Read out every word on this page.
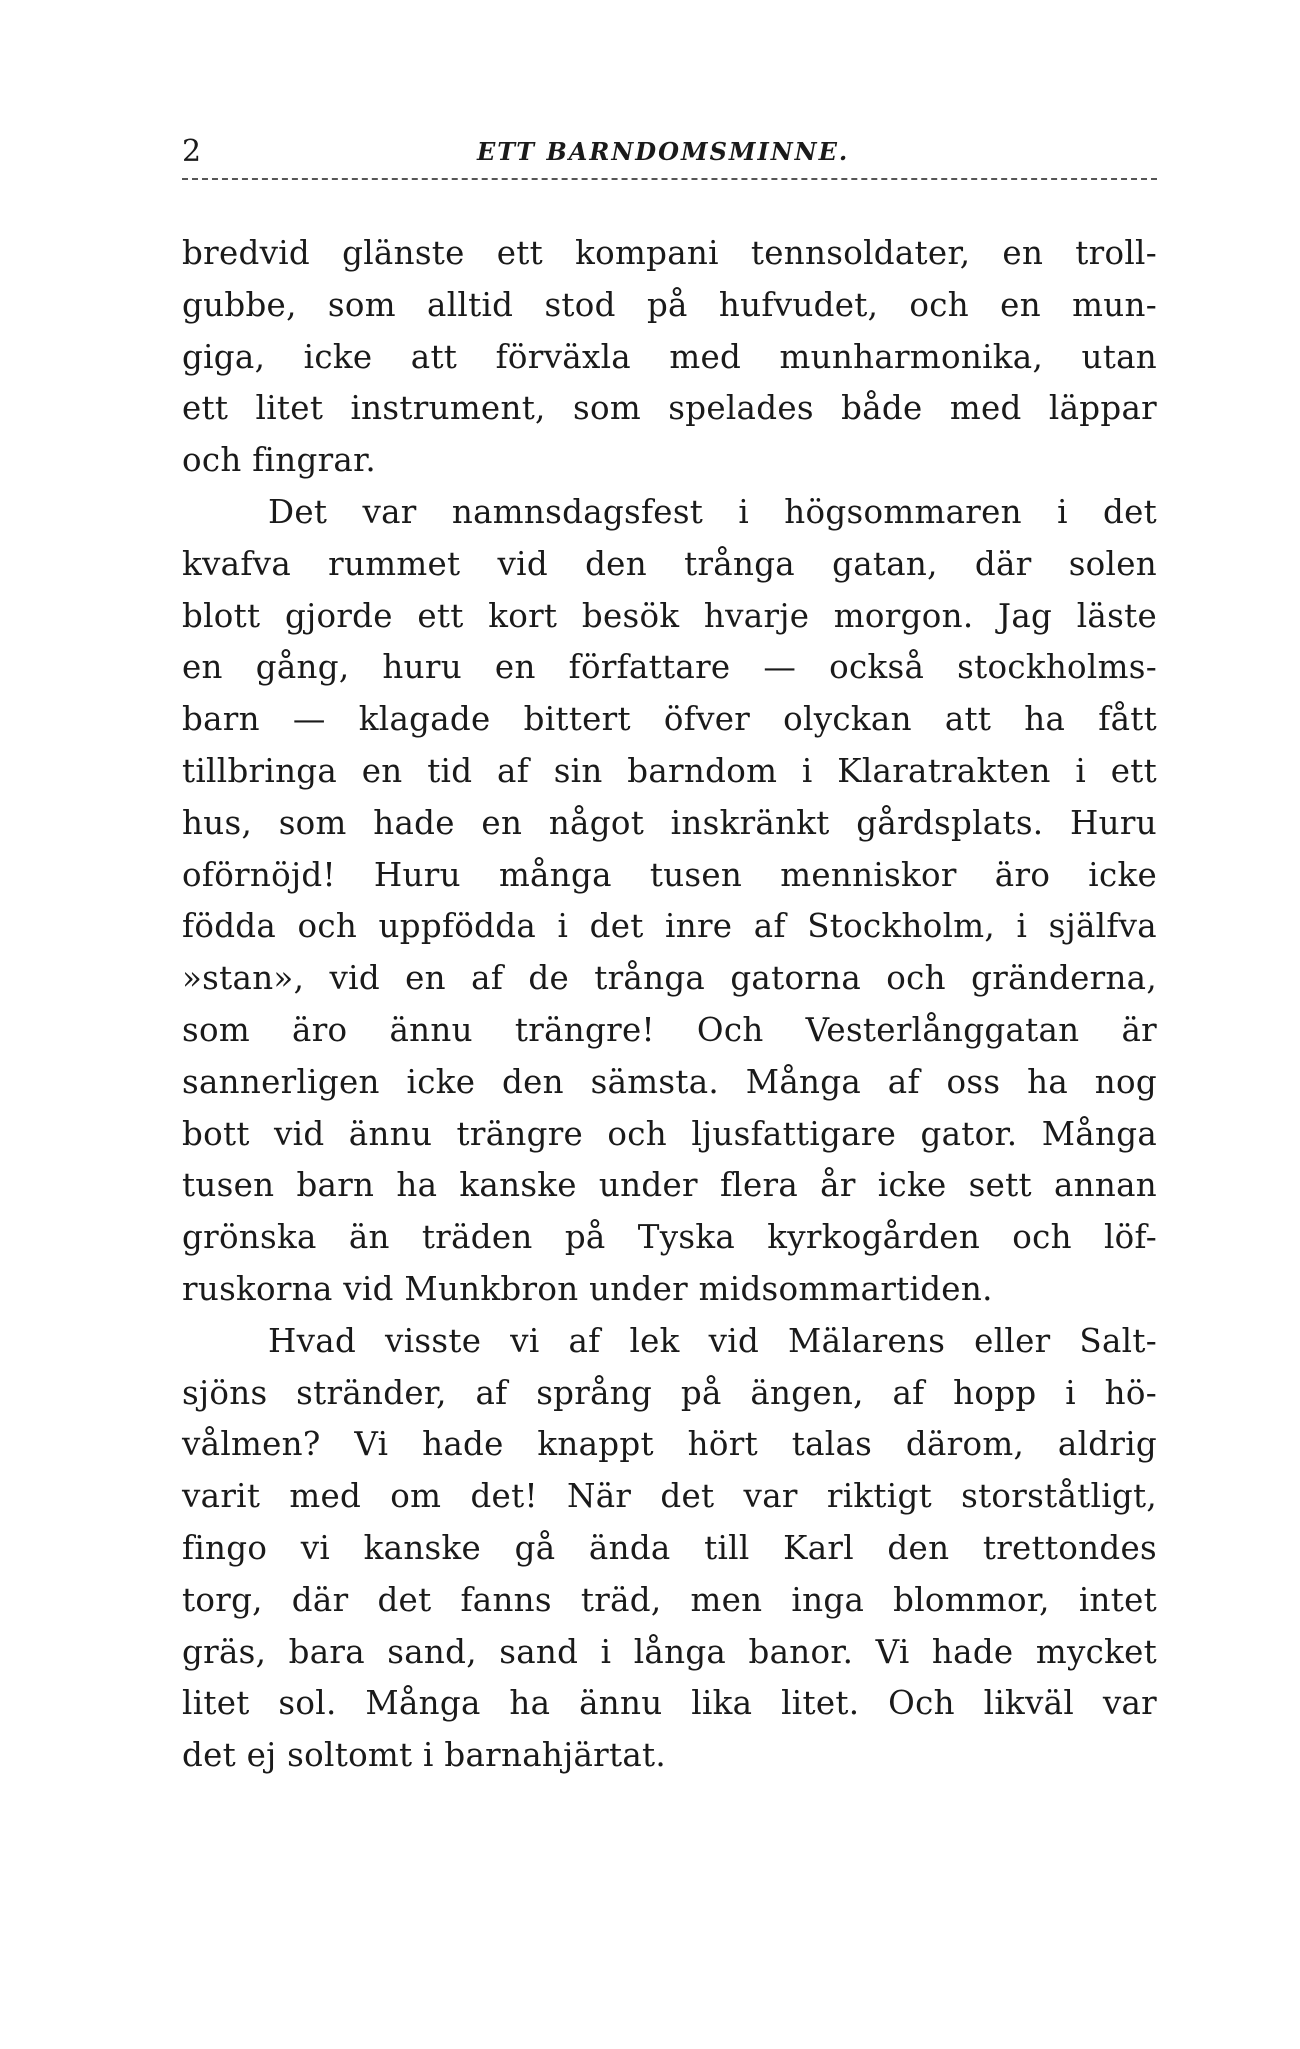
2	ETT BARNDOMSMINNE.
bredvid glänste ett kompani tennsoldater, en troll-
gubbe, som alltid stod på hufvudet, och en mun-
giga, icke att förväxla med munharmonika, utan
ett litet instrument, som spelades både med läppar
och fingrar.
Det var namnsdagsfest i högsommaren i det
kvafva rummet vid den trånga gatan, där solen
blott gjorde ett kort besök hvarje morgon. Jag läste
en gång, huru en författare — också stockholms-
barn — klagade bittert öfver olyckan att ha fått
tillbringa en tid af sin barndom i Klaratrakten i ett
hus, som hade en något inskränkt gårdsplats. Huru
oförnöjd! Huru många tusen menniskor äro icke
födda och uppfödda i det inre af Stockholm, i själfva
»stan», vid en af de trånga gatorna och gränderna,
som äro ännu trängre! Och Vesterlånggatan är
sannerligen icke den sämsta. Många af oss ha nog
bott vid ännu trängre och ljusfattigare gator. Många
tusen barn ha kanske under flera år icke sett annan
grönska än träden på Tyska kyrkogården och löf-
ruskorna vid Munkbron under midsommartiden.
Hvad visste vi af lek vid Mälarens eller Salt-
sjöns stränder, af språng på ängen, af hopp i hö-
vålmen? Vi hade knappt hört talas därom, aldrig
varit med om det! När det var riktigt storståtligt,
fingo vi kanske gå ända till Karl den trettondes
torg, där det fanns träd, men inga blommor, intet
gräs, bara sand, sand i långa banor. Vi hade mycket
litet sol. Många ha ännu lika litet. Och likväl var
det ej soltomt i barnahjärtat.
